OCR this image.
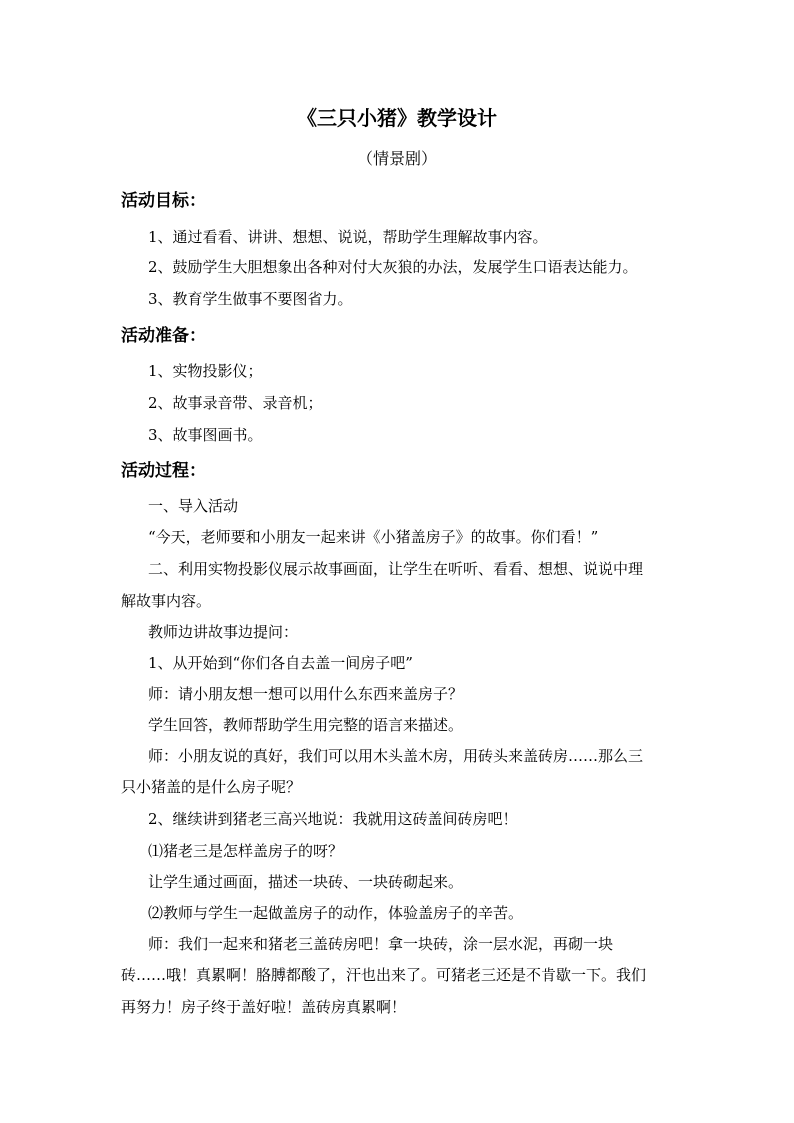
《三只小猪》教学设计
（情景剧）
活动目标：
1、通过看看、讲讲、想想、说说，帮助学生理解故事内容。
2、鼓励学生大胆想象出各种对付大灰狼的办法，发展学生口语表达能力。
3、教育学生做事不要图省力。
活动准备：
1、实物投影仪；
2、故事录音带、录音机；
3、故事图画书。
活动过程：
一、导入活动
“今天，老师要和小朋友一起来讲《小猪盖房子》的故事。你们看！”
二、利用实物投影仪展示故事画面，让学生在听听、看看、想想、说说中理
解故事内容。
教师边讲故事边提问：
1、从开始到“你们各自去盖一间房子吧”
师：请小朋友想一想可以用什么东西来盖房子？
学生回答，教师帮助学生用完整的语言来描述。
师：小朋友说的真好，我们可以用木头盖木房，用砖头来盖砖房……那么三
只小猪盖的是什么房子呢？
2、继续讲到猪老三高兴地说：我就用这砖盖间砖房吧！
⑴猪老三是怎样盖房子的呀？
让学生通过画面，描述一块砖、一块砖砌起来。
⑵教师与学生一起做盖房子的动作，体验盖房子的辛苦。
师：我们一起来和猪老三盖砖房吧！拿一块砖，涂一层水泥，再砌一块
砖……哦！真累啊！胳膊都酸了，汗也出来了。可猪老三还是不肯歇一下。我们
再努力！房子终于盖好啦！盖砖房真累啊！
